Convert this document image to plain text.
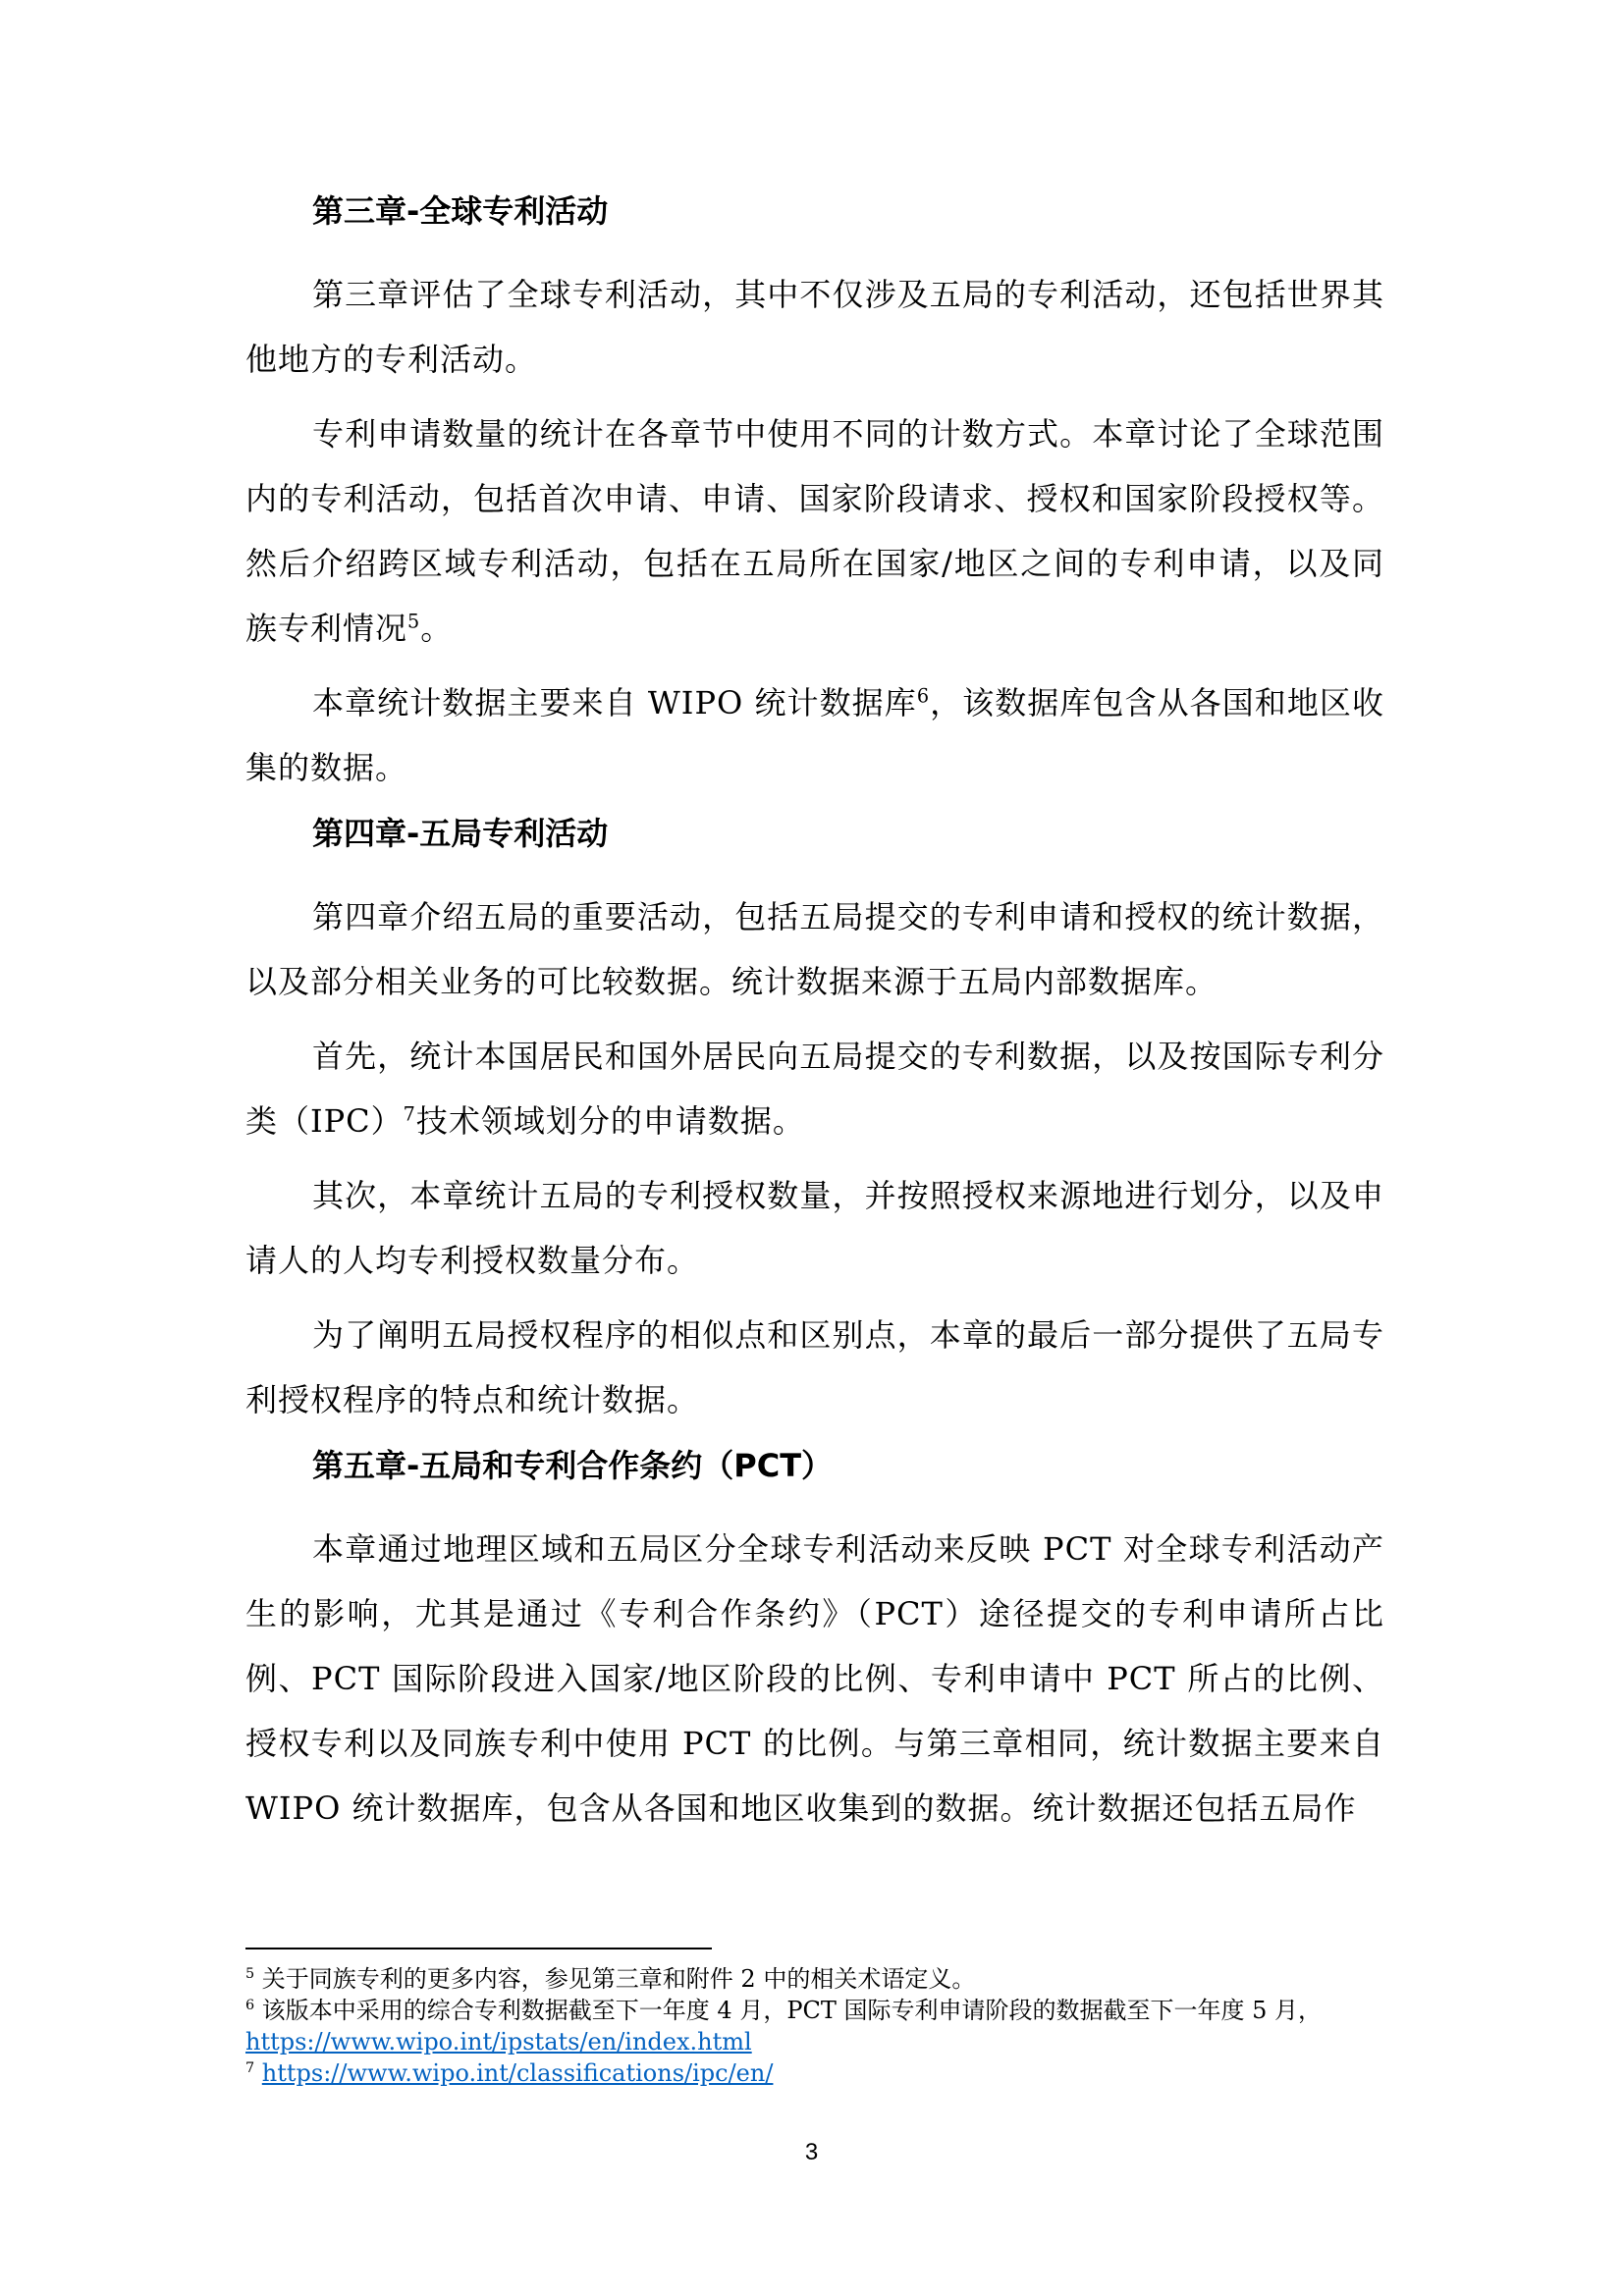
第三章-全球专利活动

第三章评估了全球专利活动，其中不仅涉及五局的专利活动，还包括世界其他地方的专利活动。

专利申请数量的统计在各章节中使用不同的计数方式。本章讨论了全球范围内的专利活动，包括首次申请、申请、国家阶段请求、授权和国家阶段授权等。然后介绍跨区域专利活动，包括在五局所在国家/地区之间的专利申请，以及同族专利情况$^5$。

本章统计数据主要来自 WIPO 统计数据库$^6$，该数据库包含从各国和地区收集的数据。

第四章-五局专利活动

第四章介绍五局的重要活动，包括五局提交的专利申请和授权的统计数据，以及部分相关业务的可比较数据。统计数据来源于五局内部数据库。

首先，统计本国居民和国外居民向五局提交的专利数据，以及按国际专利分类（IPC）$^7$技术领域划分的申请数据。

其次，本章统计五局的专利授权数量，并按照授权来源地进行划分，以及申请人的人均专利授权数量分布。

为了阐明五局授权程序的相似点和区别点，本章的最后一部分提供了五局专利授权程序的特点和统计数据。

第五章-五局和专利合作条约（PCT）

本章通过地理区域和五局区分全球专利活动来反映 PCT 对全球专利活动产生的影响，尤其是通过《专利合作条约》（PCT）途径提交的专利申请所占比例、PCT 国际阶段进入国家/地区阶段的比例、专利申请中 PCT 所占的比例、授权专利以及同族专利中使用 PCT 的比例。与第三章相同，统计数据主要来自 WIPO 统计数据库，包含从各国和地区收集到的数据。统计数据还包括五局作

$^5$ 关于同族专利的更多内容，参见第三章和附件 2 中的相关术语定义。

$^6$ 该版本中采用的综合专利数据截至下一年度 4 月，PCT 国际专利申请阶段的数据截至下一年度 5 月，https://www.wipo.int/ipstats/en/index.html

$^7$ https://www.wipo.int/classifications/ipc/en/

3
